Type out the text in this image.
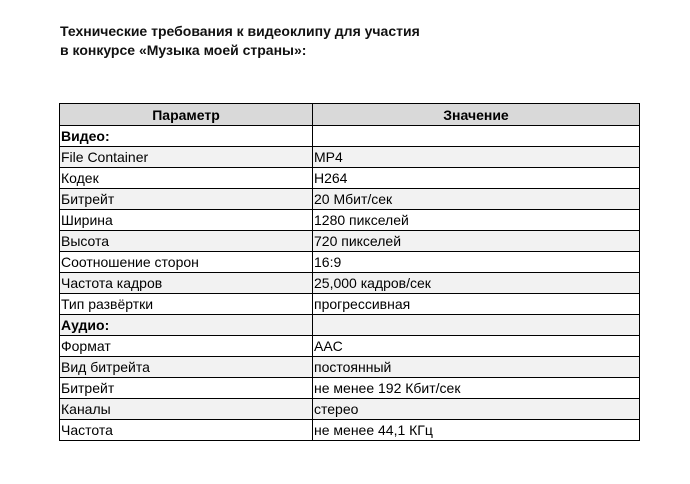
Технические требования к видеоклипу для участия
в конкурсе «Музыка моей страны»:
Параметр	Значение
Видео:	
File Container	MP4
Кодек	H264
Битрейт	20 Мбит/сек
Ширина	1280 пикселей
Высота	720 пикселей
Соотношение сторон	16:9
Частота кадров	25,000 кадров/сек
Тип развёртки	прогрессивная
Аудио:	
Формат	AAC
Вид битрейта	постоянный
Битрейт	не менее 192 Кбит/сек
Каналы	стерео
Частота	не менее 44,1 КГц
